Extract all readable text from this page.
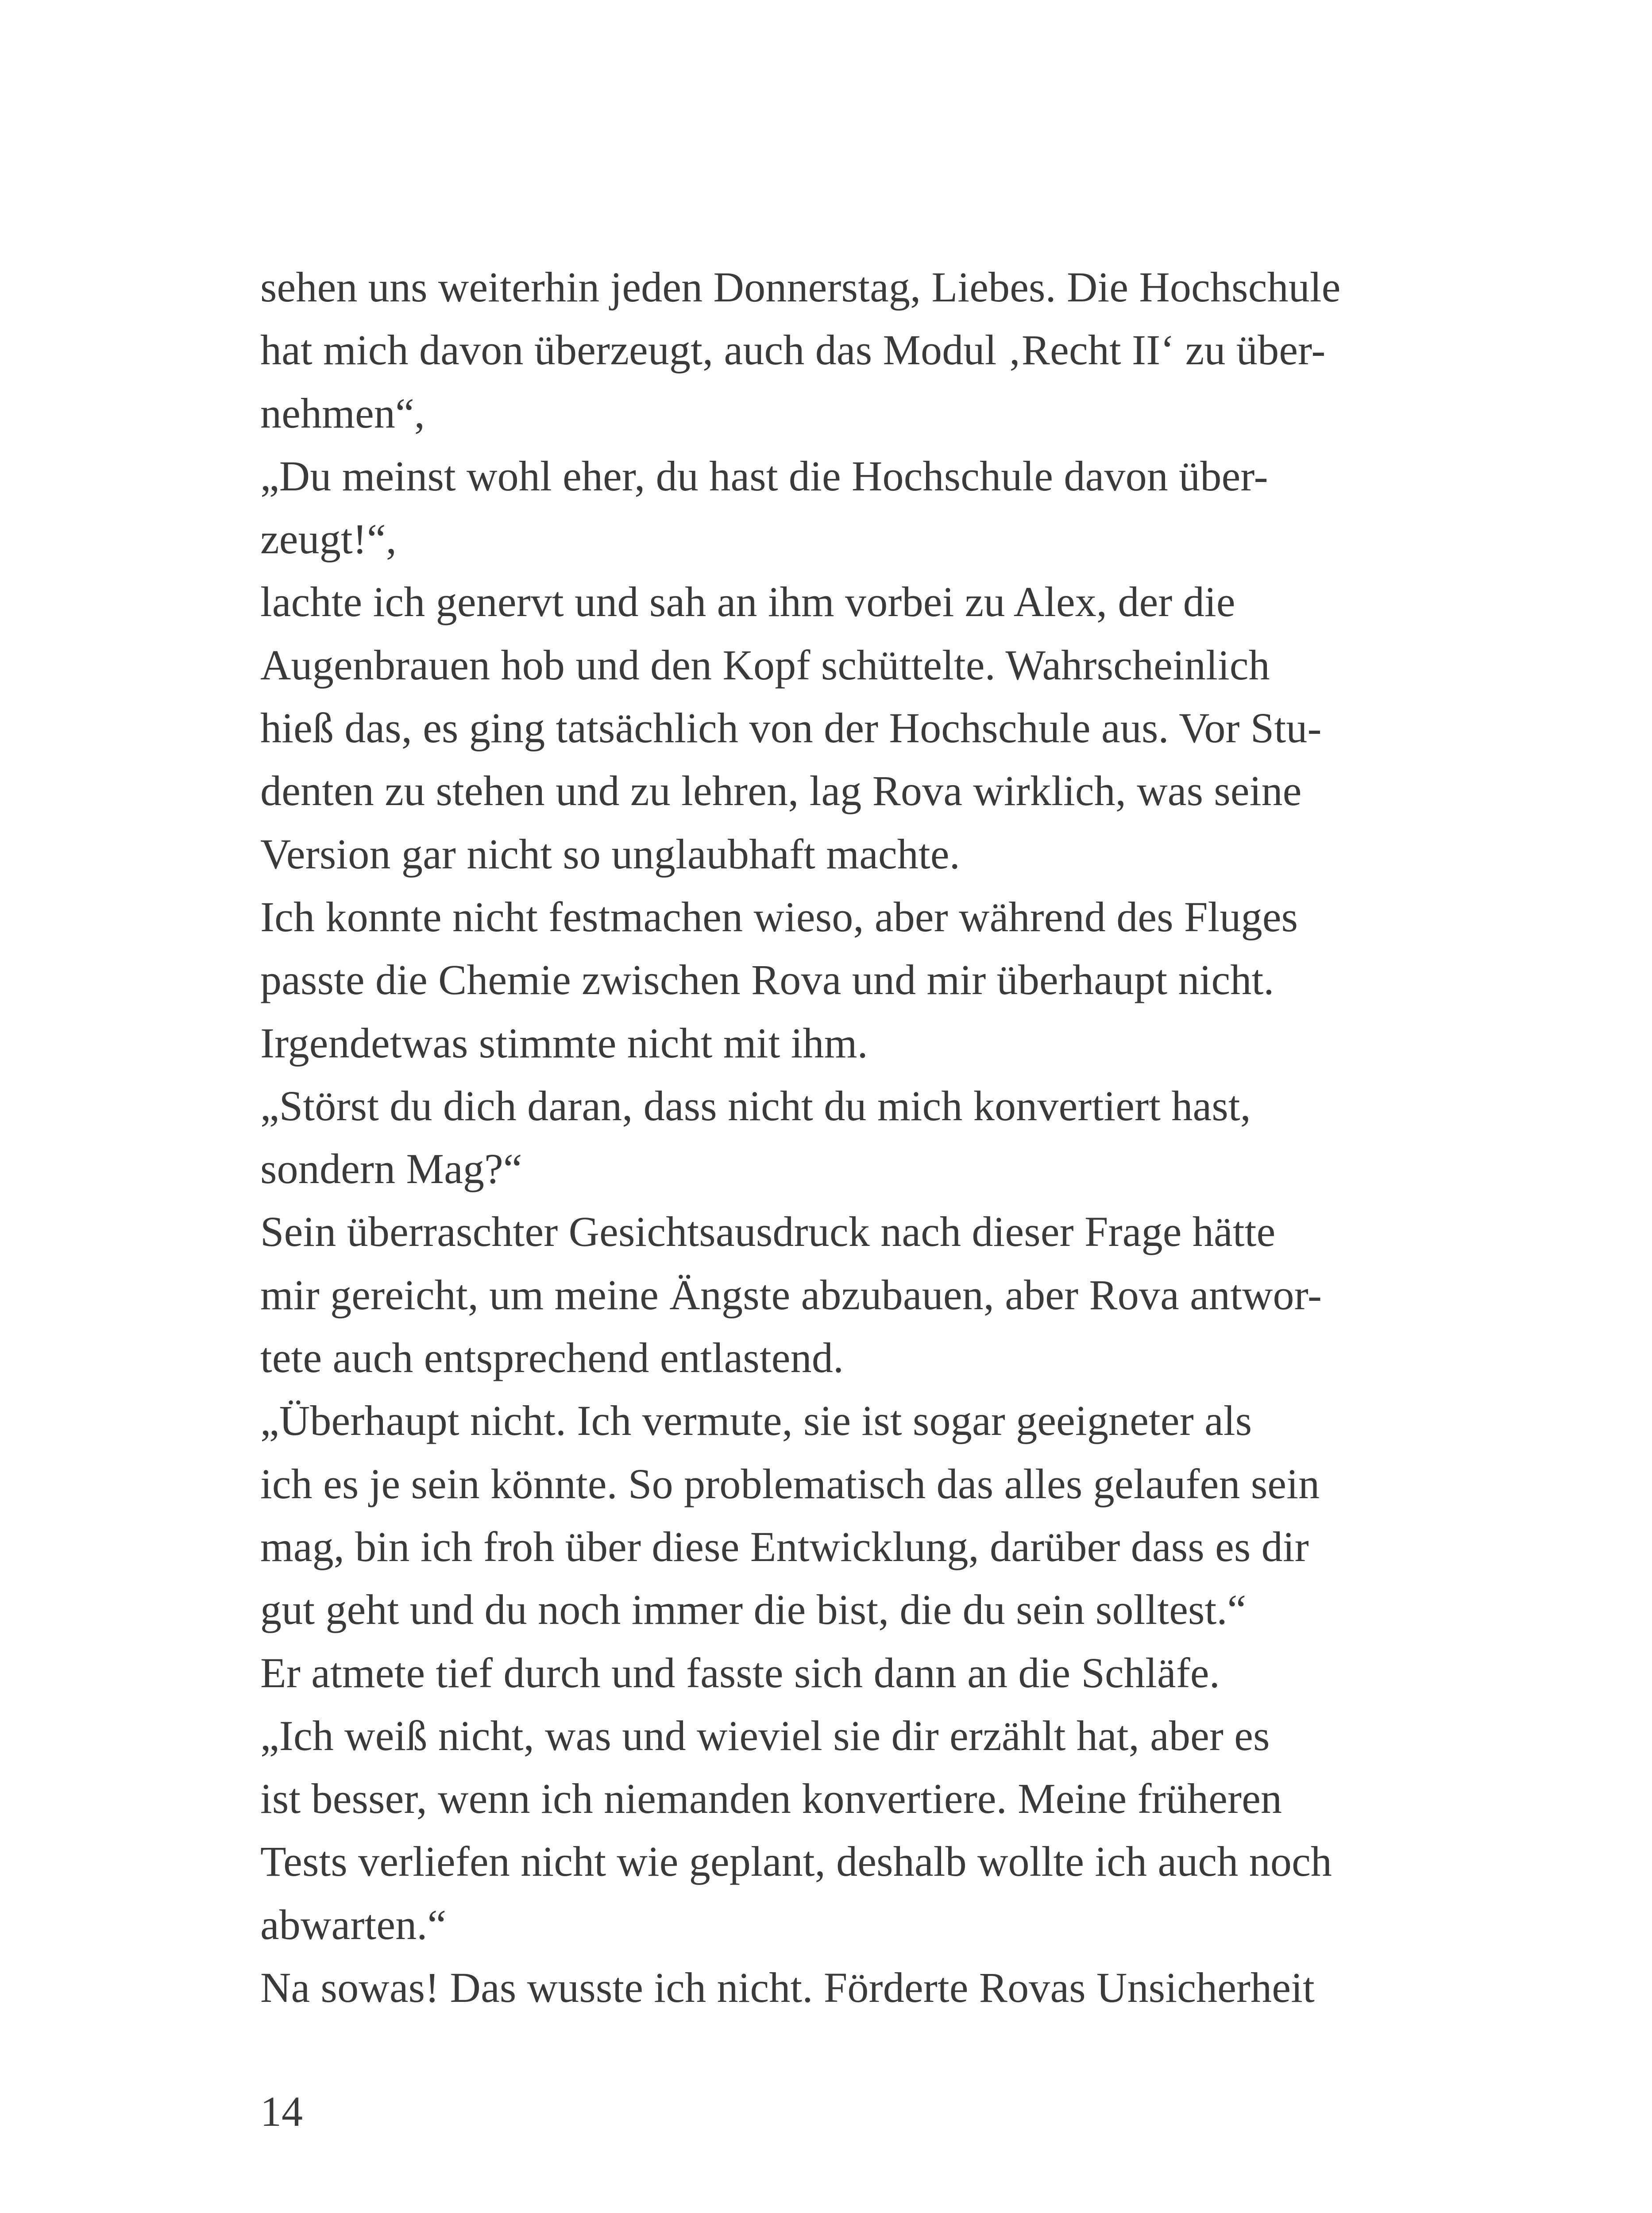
sehen uns weiterhin jeden Donnerstag, Liebes. Die Hochschule
hat mich davon überzeugt, auch das Modul ‚Recht II‘ zu über-
nehmen“,
„Du meinst wohl eher, du hast die Hochschule davon über-
zeugt!“,
lachte ich genervt und sah an ihm vorbei zu Alex, der die
Augenbrauen hob und den Kopf schüttelte. Wahrscheinlich
hieß das, es ging tatsächlich von der Hochschule aus. Vor Stu-
denten zu stehen und zu lehren, lag Rova wirklich, was seine
Version gar nicht so unglaubhaft machte.
Ich konnte nicht festmachen wieso, aber während des Fluges
passte die Chemie zwischen Rova und mir überhaupt nicht.
Irgendetwas stimmte nicht mit ihm.
„Störst du dich daran, dass nicht du mich konvertiert hast,
sondern Mag?“
Sein überraschter Gesichtsausdruck nach dieser Frage hätte
mir gereicht, um meine Ängste abzubauen, aber Rova antwor-
tete auch entsprechend entlastend.
„Überhaupt nicht. Ich vermute, sie ist sogar geeigneter als
ich es je sein könnte. So problematisch das alles gelaufen sein
mag, bin ich froh über diese Entwicklung, darüber dass es dir
gut geht und du noch immer die bist, die du sein solltest.“
Er atmete tief durch und fasste sich dann an die Schläfe.
„Ich weiß nicht, was und wieviel sie dir erzählt hat, aber es
ist besser, wenn ich niemanden konvertiere. Meine früheren
Tests verliefen nicht wie geplant, deshalb wollte ich auch noch
abwarten.“
Na sowas! Das wusste ich nicht. Förderte Rovas Unsicherheit
14
